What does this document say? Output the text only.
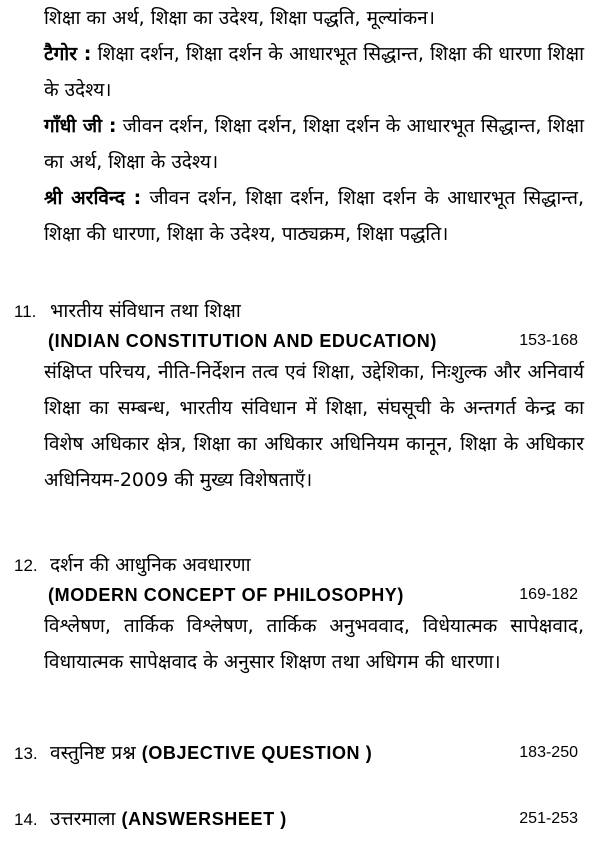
शिक्षा का अर्थ, शिक्षा का उदेश्य, शिक्षा पद्धति, मूल्यांकन।
टैगोर : शिक्षा दर्शन, शिक्षा दर्शन के आधारभूत सिद्धान्त, शिक्षा की धारणा शिक्षा के उदेश्य।
गाँधी जी : जीवन दर्शन, शिक्षा दर्शन, शिक्षा दर्शन के आधारभूत सिद्धान्त, शिक्षा का अर्थ, शिक्षा के उदेश्य।
श्री अरविन्द : जीवन दर्शन, शिक्षा दर्शन, शिक्षा दर्शन के आधारभूत सिद्धान्त, शिक्षा की धारणा, शिक्षा के उदेश्य, पाठ्यक्रम, शिक्षा पद्धति।
11. भारतीय संविधान तथा शिक्षा
(INDIAN CONSTITUTION AND EDUCATION)	153-168
संक्षिप्त परिचय, नीति-निर्देशन तत्व एवं शिक्षा, उद्देशिका, निःशुल्क और अनिवार्य शिक्षा का सम्बन्ध, भारतीय संविधान में शिक्षा, संघसूची के अन्तगर्त केन्द्र का विशेष अधिकार क्षेत्र, शिक्षा का अधिकार अधिनियम कानून, शिक्षा के अधिकार अधिनियम-2009 की मुख्य विशेषताएँ।
12. दर्शन की आधुनिक अवधारणा
(MODERN CONCEPT OF PHILOSOPHY)	169-182
विश्लेषण, तार्किक विश्लेषण, तार्किक अनुभववाद, विधेयात्मक सापेक्षवाद, विधायात्मक सापेक्षवाद के अनुसार शिक्षण तथा अधिगम की धारणा।
13. वस्तुनिष्ट प्रश्न (OBJECTIVE QUESTION )	183-250
14. उत्तरमाला (ANSWERSHEET )	251-253
